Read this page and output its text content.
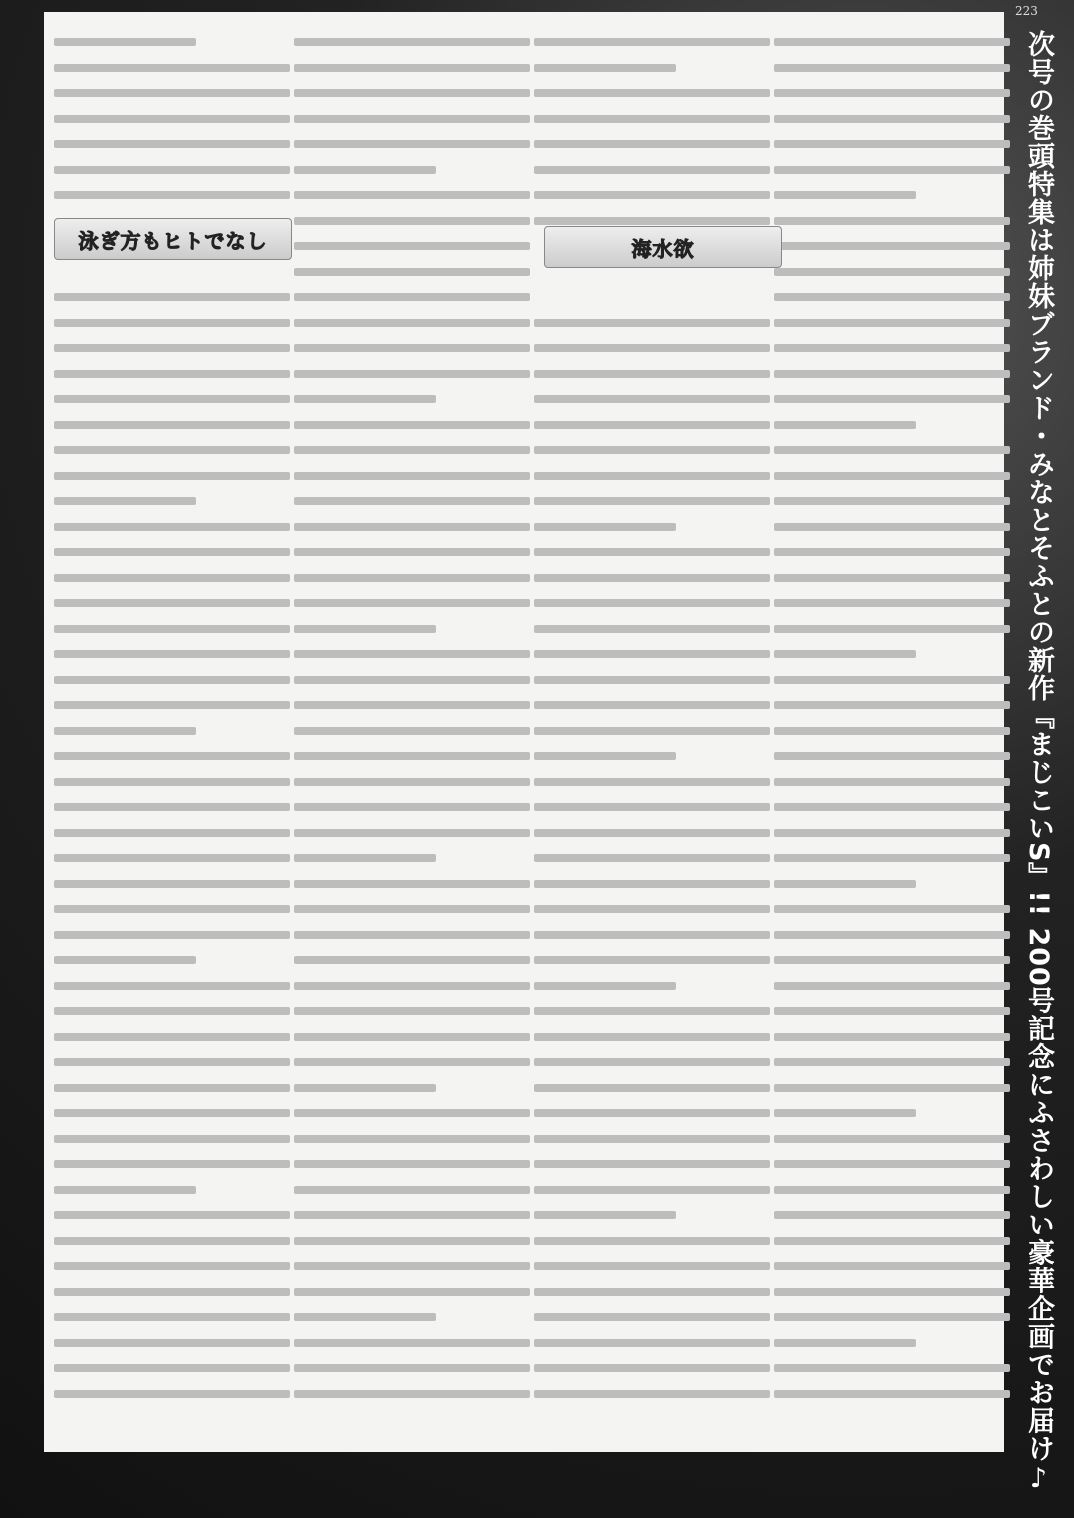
223
泳ぎ方もヒトでなし	海水欲	次号の巻頭特集は姉妹ブランド・みなとそふとの新作『まじこいS』!! 200号記念にふさわしい豪華企画でお届け♪
